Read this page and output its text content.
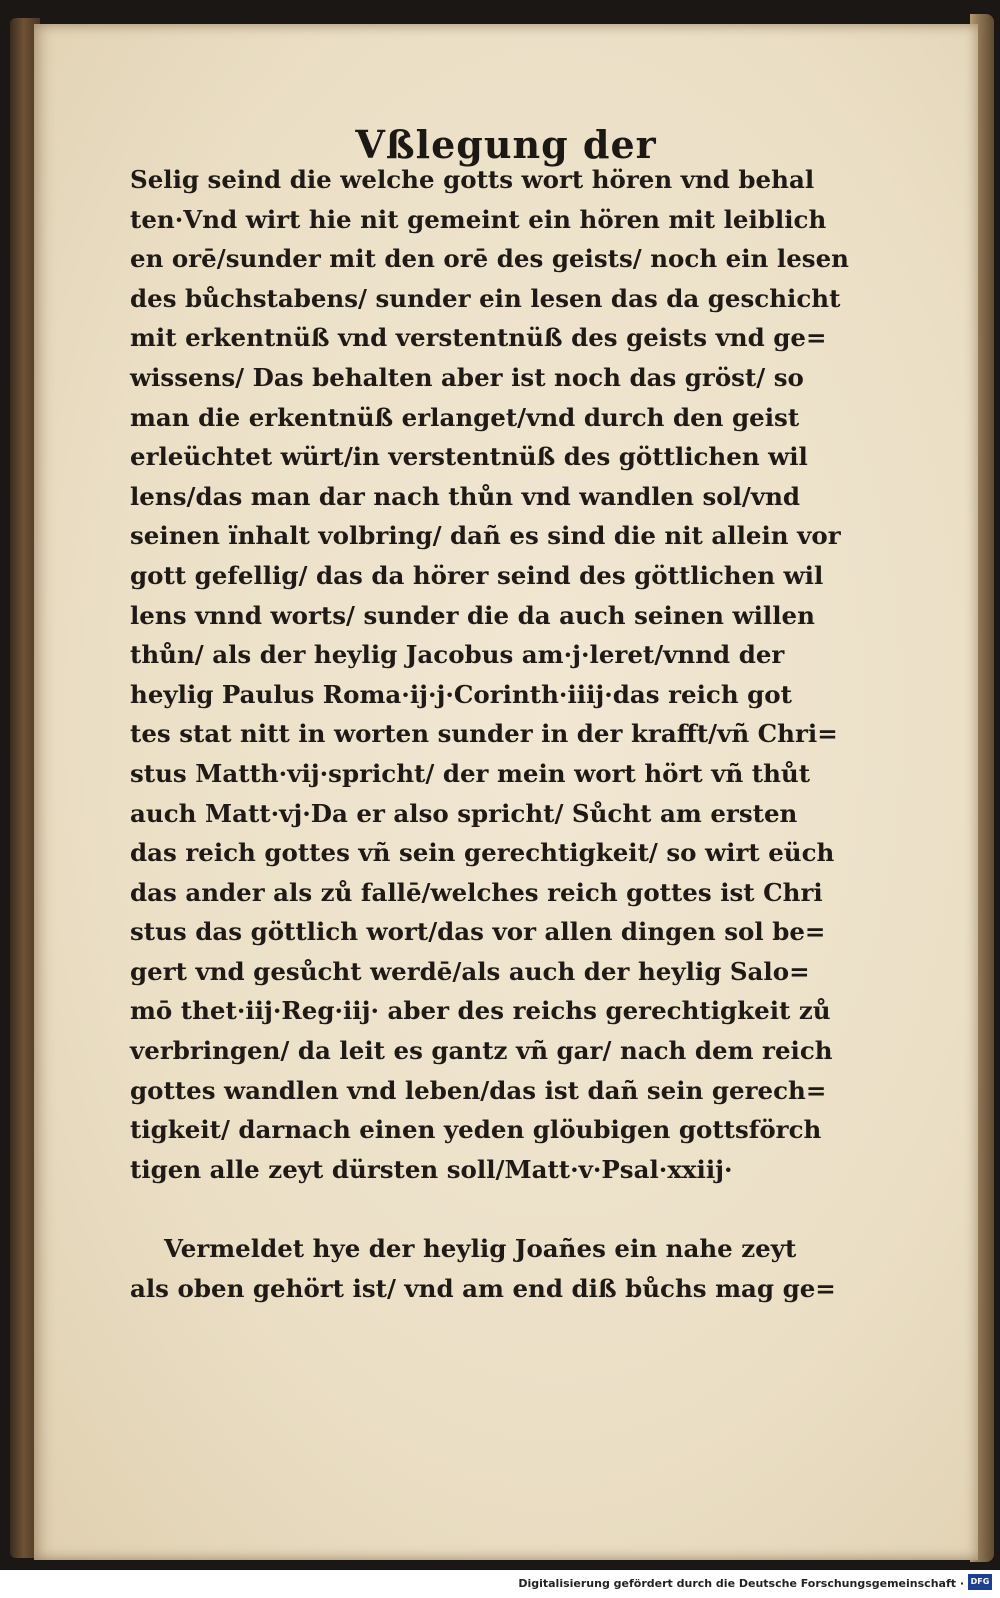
Vßlegung der
Selig seind die welche gotts wort hören vnd behal
ten·Vnd wirt hie nit gemeint ein hören mit leiblich
en orē/sunder mit den orē des geists/ noch ein lesen
des bůchstabens/ sunder ein lesen das da geschicht
mit erkentnüß vnd verstentnüß des geists vnd ge=
wissens/ Das behalten aber ist noch das gröst/ so
man die erkentnüß erlanget/vnd durch den geist
erleüchtet würt/in verstentnüß des göttlichen wil
lens/das man dar nach thůn vnd wandlen sol/vnd
seinen ïnhalt volbring/ dañ es sind die nit allein vor
gott gefellig/ das da hörer seind des göttlichen wil
lens vnnd worts/ sunder die da auch seinen willen
thůn/ als der heylig Jacobus am·j·leret/vnnd der
heylig Paulus Roma·ij·j·Corinth·iiij·das reich got
tes stat nitt in worten sunder in der krafft/vñ Chri=
stus Matth·vij·spricht/ der mein wort hört vñ thůt
auch Matt·vj·Da er also spricht/ Sůcht am ersten
das reich gottes vñ sein gerechtigkeit/ so wirt eüch
das ander als zů fallē/welches reich gottes ist Chri
stus das göttlich wort/das vor allen dingen sol be=
gert vnd gesůcht werdē/als auch der heylig Salo=
mō thet·iij·Reg·iij· aber des reichs gerechtigkeit zů
verbringen/ da leit es gantz vñ gar/ nach dem reich
gottes wandlen vnd leben/das ist dañ sein gerech=
tigkeit/ darnach einen yeden glöubigen gottsförch
tigen alle zeyt dürsten soll/Matt·v·Psal·xxiij·
Vermeldet hye der heylig Joañes ein nahe zeyt
als oben gehört ist/ vnd am end diß bůchs mag ge=
Digitalisierung gefördert durch die Deutsche Forschungsgemeinschaft · DFG
